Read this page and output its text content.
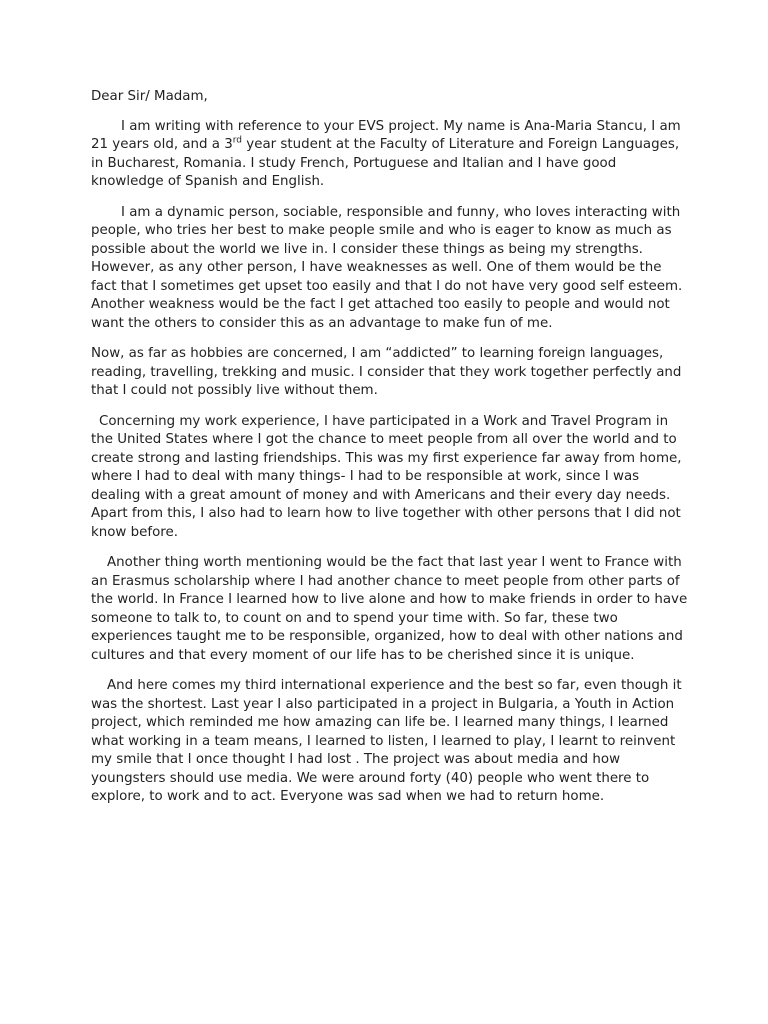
Dear Sir/ Madam,

I am writing with reference to your EVS project. My name is Ana-Maria Stancu, I am 21 years old, and a 3rd year student at the Faculty of Literature and Foreign Languages, in Bucharest, Romania. I study French, Portuguese and Italian and I have good knowledge of Spanish and English.

I am a dynamic person, sociable, responsible and funny, who loves interacting with people, who tries her best to make people smile and who is eager to know as much as possible about the world we live in. I consider these things as being my strengths. However, as any other person, I have weaknesses as well. One of them would be the fact that I sometimes get upset too easily and that I do not have very good self esteem. Another weakness would be the fact I get attached too easily to people and would not want the others to consider this as an advantage to make fun of me.

Now, as far as hobbies are concerned, I am “addicted” to learning foreign languages, reading, travelling, trekking and music. I consider that they work together perfectly and that I could not possibly live without them.

Concerning my work experience, I have participated in a Work and Travel Program in the United States where I got the chance to meet people from all over the world and to create strong and lasting friendships. This was my first experience far away from home, where I had to deal with many things- I had to be responsible at work, since I was dealing with a great amount of money and with Americans and their every day needs. Apart from this, I also had to learn how to live together with other persons that I did not know before.

Another thing worth mentioning would be the fact that last year I went to France with an Erasmus scholarship where I had another chance to meet people from other parts of the world. In France I learned how to live alone and how to make friends in order to have someone to talk to, to count on and to spend your time with. So far, these two experiences taught me to be responsible, organized, how to deal with other nations and cultures and that every moment of our life has to be cherished since it is unique.

And here comes my third international experience and the best so far, even though it was the shortest. Last year I also participated in a project in Bulgaria, a Youth in Action project, which reminded me how amazing can life be. I learned many things, I learned what working in a team means, I learned to listen, I learned to play, I learnt to reinvent my smile that I once thought I had lost . The project was about media and how youngsters should use media. We were around forty (40) people who went there to explore, to work and to act. Everyone was sad when we had to return home.
